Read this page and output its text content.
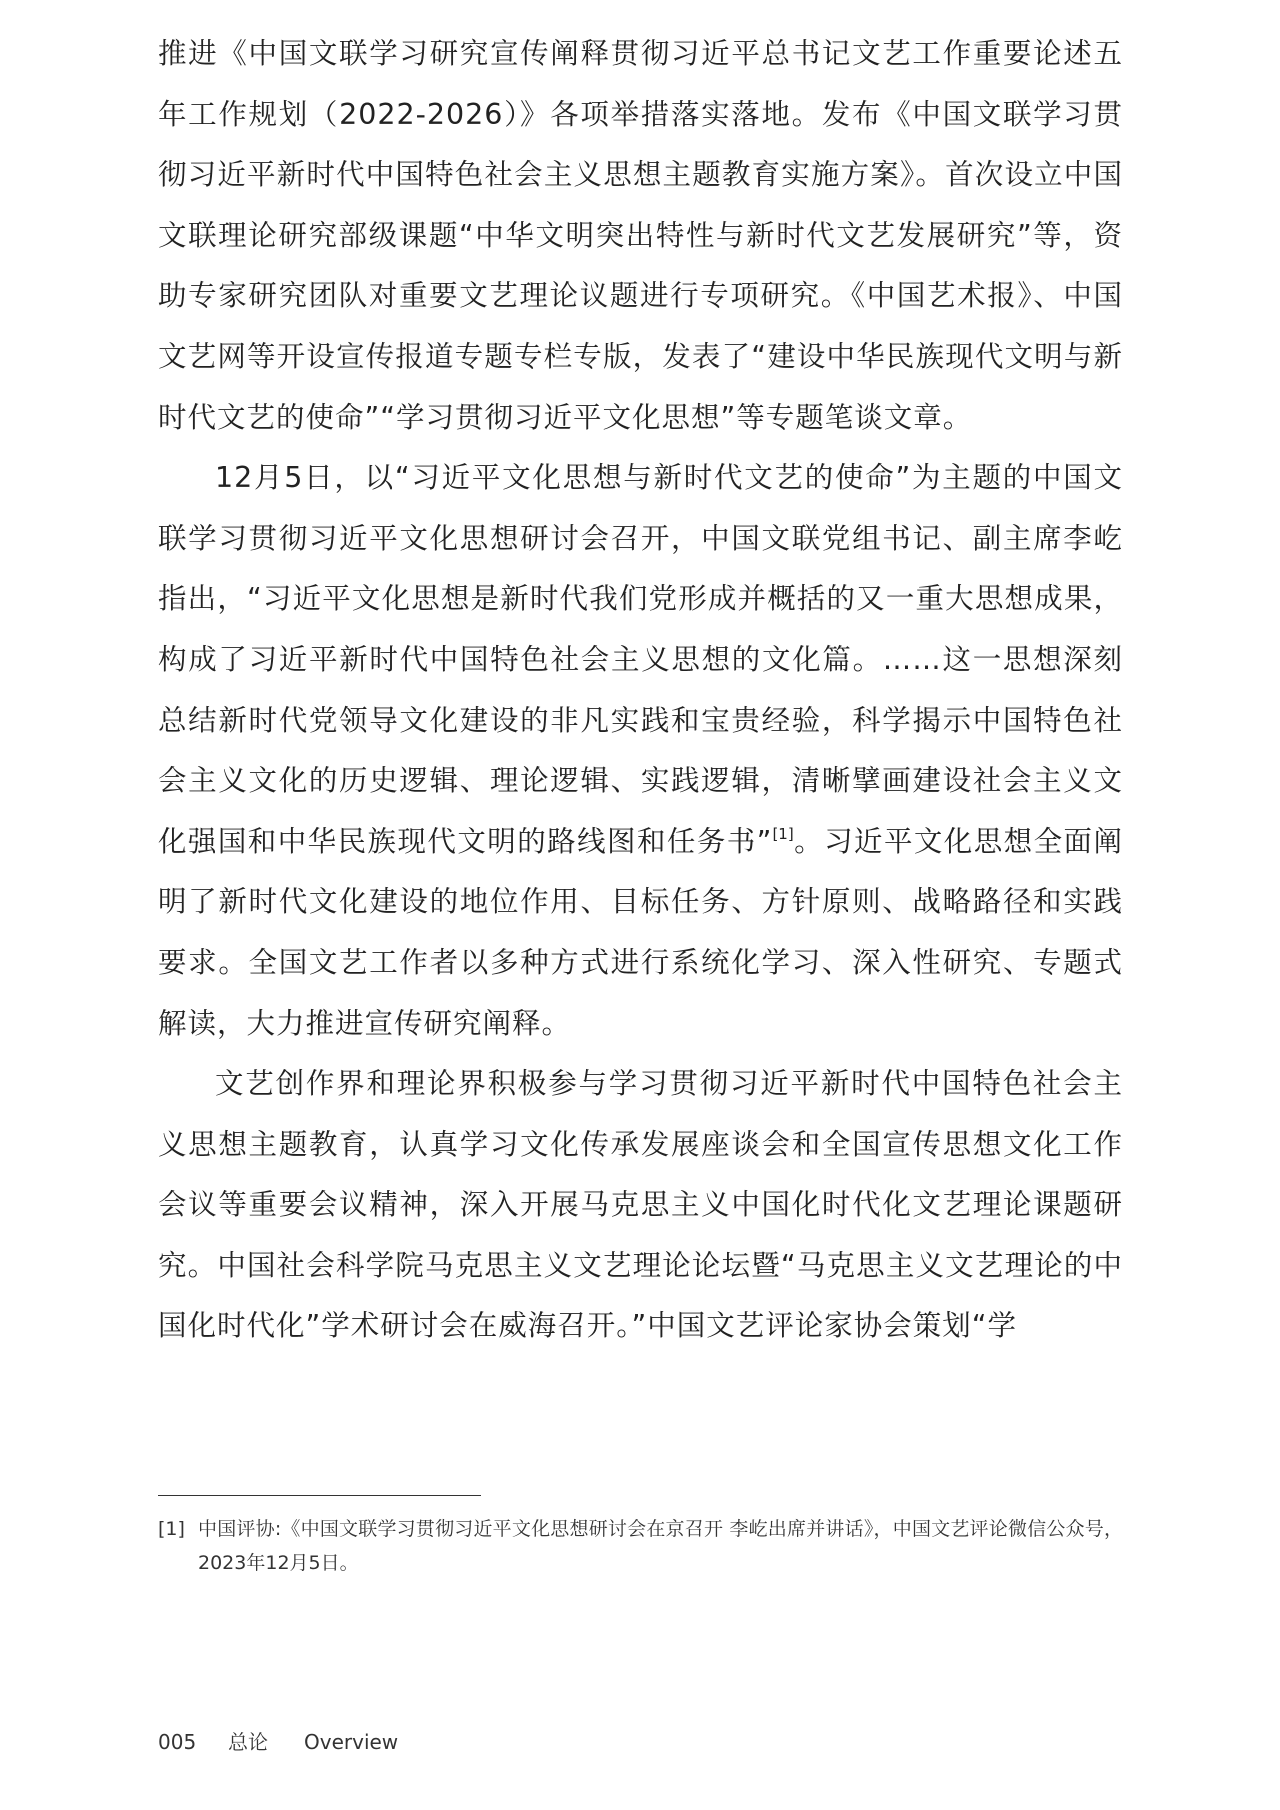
推进《中国文联学习研究宣传阐释贯彻习近平总书记文艺工作重要论述五年工作规划（2022-2026）》各项举措落实落地。发布《中国文联学习贯彻习近平新时代中国特色社会主义思想主题教育实施方案》。首次设立中国文联理论研究部级课题“中华文明突出特性与新时代文艺发展研究”等，资助专家研究团队对重要文艺理论议题进行专项研究。《中国艺术报》、中国文艺网等开设宣传报道专题专栏专版，发表了“建设中华民族现代文明与新时代文艺的使命”“学习贯彻习近平文化思想”等专题笔谈文章。

12月5日，以“习近平文化思想与新时代文艺的使命”为主题的中国文联学习贯彻习近平文化思想研讨会召开，中国文联党组书记、副主席李屹指出，“习近平文化思想是新时代我们党形成并概括的又一重大思想成果，构成了习近平新时代中国特色社会主义思想的文化篇。……这一思想深刻总结新时代党领导文化建设的非凡实践和宝贵经验，科学揭示中国特色社会主义文化的历史逻辑、理论逻辑、实践逻辑，清晰擘画建设社会主义文化强国和中华民族现代文明的路线图和任务书”[1]。习近平文化思想全面阐明了新时代文化建设的地位作用、目标任务、方针原则、战略路径和实践要求。全国文艺工作者以多种方式进行系统化学习、深入性研究、专题式解读，大力推进宣传研究阐释。

文艺创作界和理论界积极参与学习贯彻习近平新时代中国特色社会主义思想主题教育，认真学习文化传承发展座谈会和全国宣传思想文化工作会议等重要会议精神，深入开展马克思主义中国化时代化文艺理论课题研究。中国社会科学院马克思主义文艺理论论坛暨“马克思主义文艺理论的中国化时代化”学术研讨会在威海召开。”中国文艺评论家协会策划“学

[1] 中国评协:《中国文联学习贯彻习近平文化思想研讨会在京召开 李屹出席并讲话》，中国文艺评论微信公众号，2023年12月5日。
005 总论 Overview
